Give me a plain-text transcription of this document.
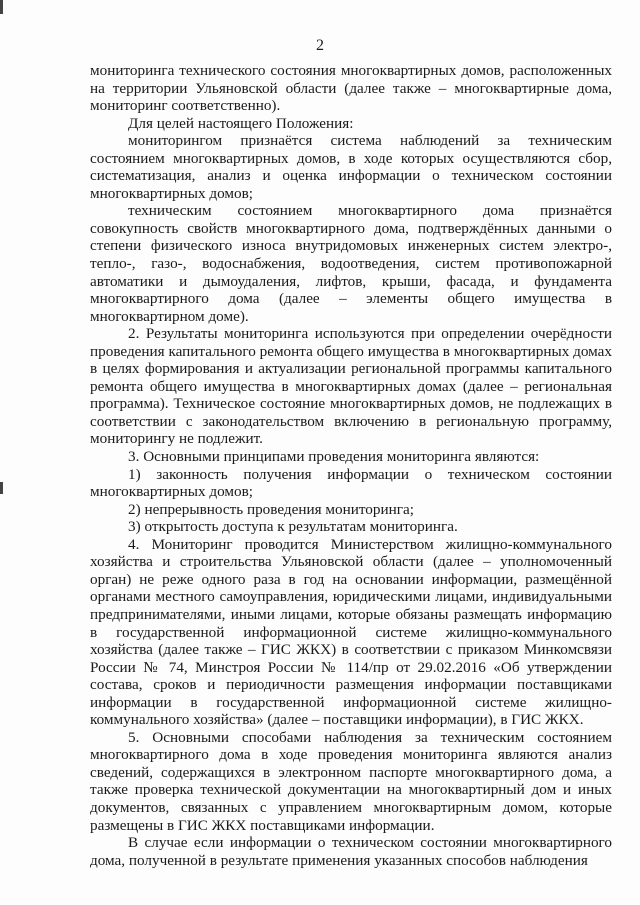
2

мониторинга технического состояния многоквартирных домов, расположенных на территории Ульяновской области (далее также – многоквартирные дома, мониторинг соответственно).

Для целей настоящего Положения:

мониторингом признаётся система наблюдений за техническим состоянием многоквартирных домов, в ходе которых осуществляются сбор, систематизация, анализ и оценка информации о техническом состоянии многоквартирных домов;

техническим состоянием многоквартирного дома признаётся совокупность свойств многоквартирного дома, подтверждённых данными о степени физического износа внутридомовых инженерных систем электро-, тепло-, газо-, водоснабжения, водоотведения, систем противопожарной автоматики и дымоудаления, лифтов, крыши, фасада, и фундамента многоквартирного дома (далее – элементы общего имущества в многоквартирном доме).

2. Результаты мониторинга используются при определении очерёдности проведения капитального ремонта общего имущества в многоквартирных домах в целях формирования и актуализации региональной программы капитального ремонта общего имущества в многоквартирных домах (далее – региональная программа). Техническое состояние многоквартирных домов, не подлежащих в соответствии с законодательством включению в региональную программу, мониторингу не подлежит.

3. Основными принципами проведения мониторинга являются:

1) законность получения информации о техническом состоянии многоквартирных домов;

2) непрерывность проведения мониторинга;

3) открытость доступа к результатам мониторинга.

4. Мониторинг проводится Министерством жилищно-коммунального хозяйства и строительства Ульяновской области (далее – уполномоченный орган) не реже одного раза в год на основании информации, размещённой органами местного самоуправления, юридическими лицами, индивидуальными предпринимателями, иными лицами, которые обязаны размещать информацию в государственной информационной системе жилищно-коммунального хозяйства (далее также – ГИС ЖКХ) в соответствии с приказом Минкомсвязи России № 74, Минстроя России № 114/пр от 29.02.2016 «Об утверждении состава, сроков и периодичности размещения информации поставщиками информации в государственной информационной системе жилищно-коммунального хозяйства» (далее – поставщики информации), в ГИС ЖКХ.

5. Основными способами наблюдения за техническим состоянием многоквартирного дома в ходе проведения мониторинга являются анализ сведений, содержащихся в электронном паспорте многоквартирного дома, а также проверка технической документации на многоквартирный дом и иных документов, связанных с управлением многоквартирным домом, которые размещены в ГИС ЖКХ поставщиками информации.

В случае если информации о техническом состоянии многоквартирного дома, полученной в результате применения указанных способов наблюдения
